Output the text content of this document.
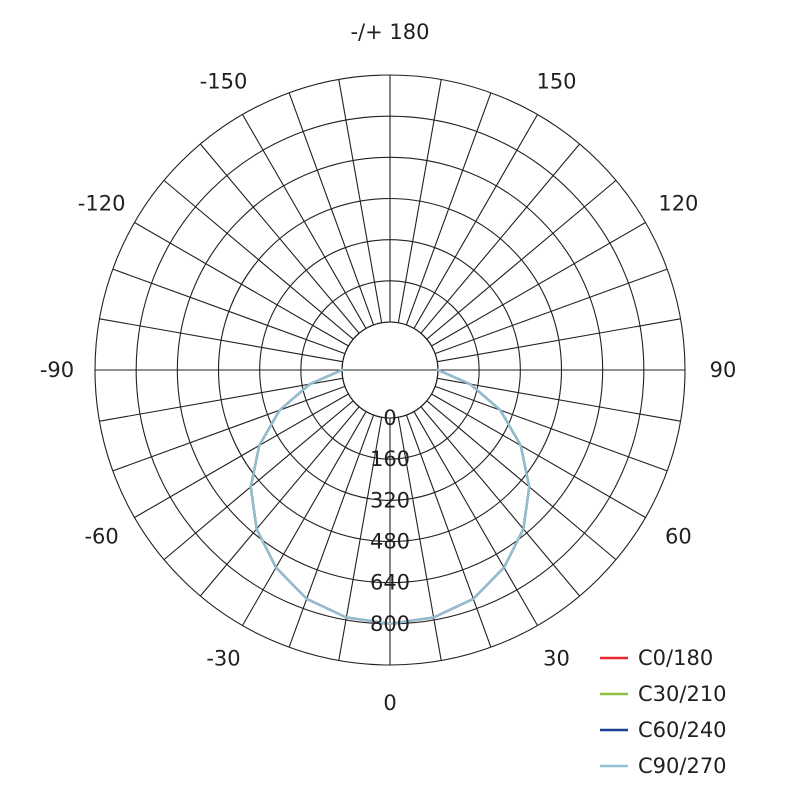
-/+ 180
-150	150
-120	120
-90	90
-60	60
-30	30
0
0
160
320
480
640
800
C0/180
C30/210
C60/240
C90/270
